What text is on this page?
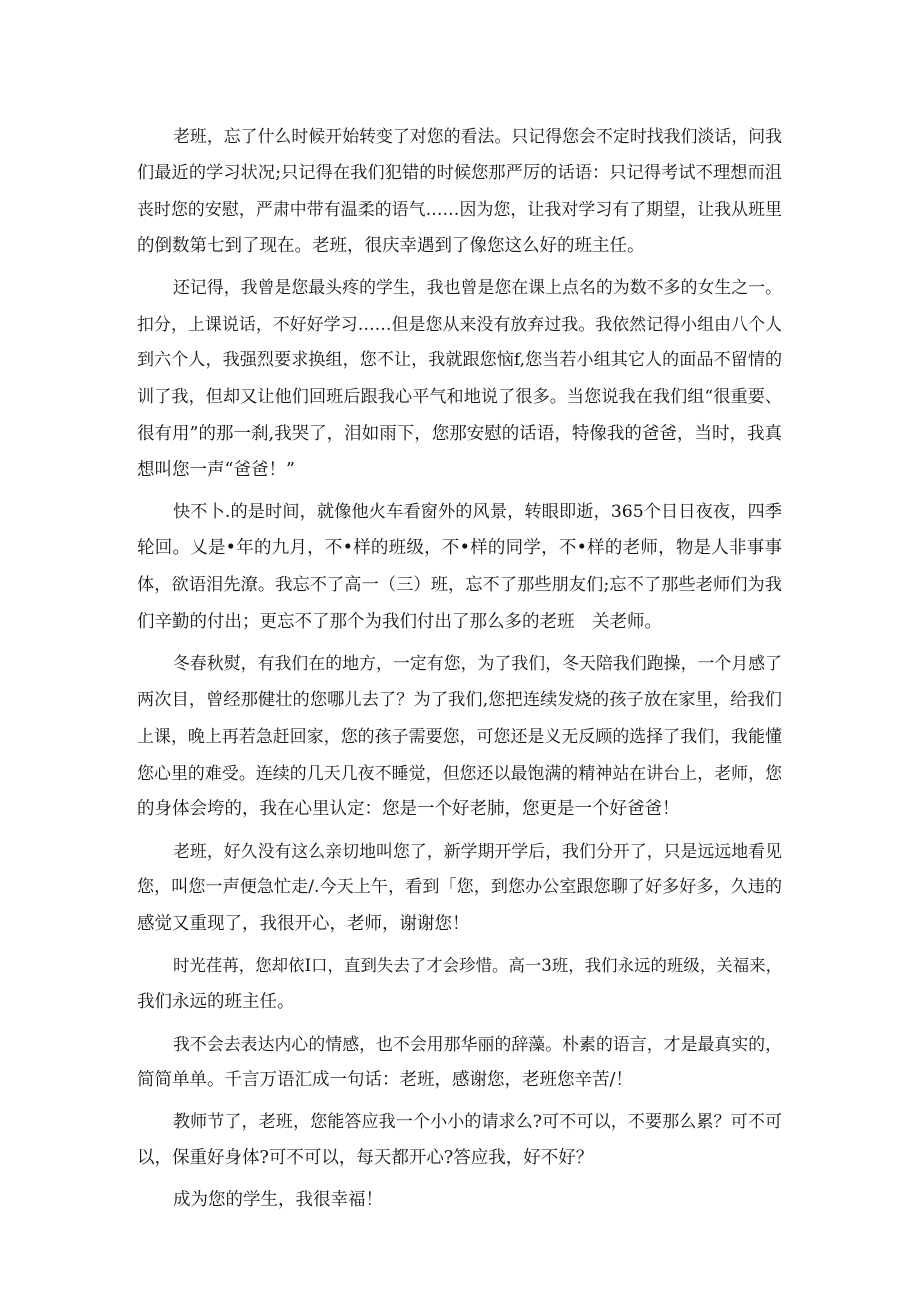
老班，忘了什么时候开始转变了对您的看法。只记得您会不定时找我们淡话，问我
们最近的学习状况;只记得在我们犯错的时候您那严厉的话语：只记得考试不理想而沮
丧时您的安慰，严肃中带有温柔的语气……因为您，让我对学习有了期望，让我从班里
的倒数第七到了现在。老班，很庆幸遇到了像您这么好的班主任。
还记得，我曾是您最头疼的学生，我也曾是您在课上点名的为数不多的女生之一。
扣分，上课说话，不好好学习……但是您从来没有放弃过我。我依然记得小组由八个人
到六个人，我强烈要求换组，您不让，我就跟您恼f,您当若小组其它人的面品不留情的
训了我，但却又让他们回班后跟我心平气和地说了很多。当您说我在我们组“很重要、
很有用”的那一刹,我哭了，泪如雨下，您那安慰的话语，特像我的爸爸，当时，我真
想叫您一声“爸爸！”
快不卜.的是时间，就像他火车看窗外的风景，转眼即逝，365个日日夜夜，四季
轮回。乂是•年的九月，不•样的班级，不•样的同学，不•样的老师，物是人非事事
体，欲语泪先潦。我忘不了高一（三）班，忘不了那些朋友们;忘不了那些老师们为我
们辛勤的付出；更忘不了那个为我们付出了那么多的老班　关老师。
冬春秋熨，有我们在的地方，一定有您，为了我们，冬天陪我们跑操，一个月感了
两次目，曾经那健壮的您哪儿去了？为了我们,您把连续发烧的孩子放在家里，给我们
上课，晚上再若急赶回家，您的孩子需要您，可您还是义无反顾的选择了我们，我能懂
您心里的难受。连续的几天几夜不睡觉，但您还以最饱满的精神站在讲台上，老师，您
的身体会垮的，我在心里认定：您是一个好老肺，您更是一个好爸爸！
老班，好久没有这么亲切地叫您了，新学期开学后，我们分开了，只是远远地看见
您，叫您一声便急忙走/.今天上午，看到「您，到您办公室跟您聊了好多好多，久违的
感觉又重现了，我很开心，老师，谢谢您！
时光荏苒，您却依I口，直到失去了才会珍惜。高一3班，我们永远的班级，关福来，
我们永远的班主任。
我不会去表达内心的情感，也不会用那华丽的辞藻。朴素的语言，才是最真实的，
简简单单。千言万语汇成一句话：老班，感谢您，老班您辛苦/！
教师节了，老班，您能答应我一个小小的请求么?可不可以，不要那么累？可不可
以，保重好身体?可不可以，每天都开心?答应我，好不好？
成为您的学生，我很幸福！
